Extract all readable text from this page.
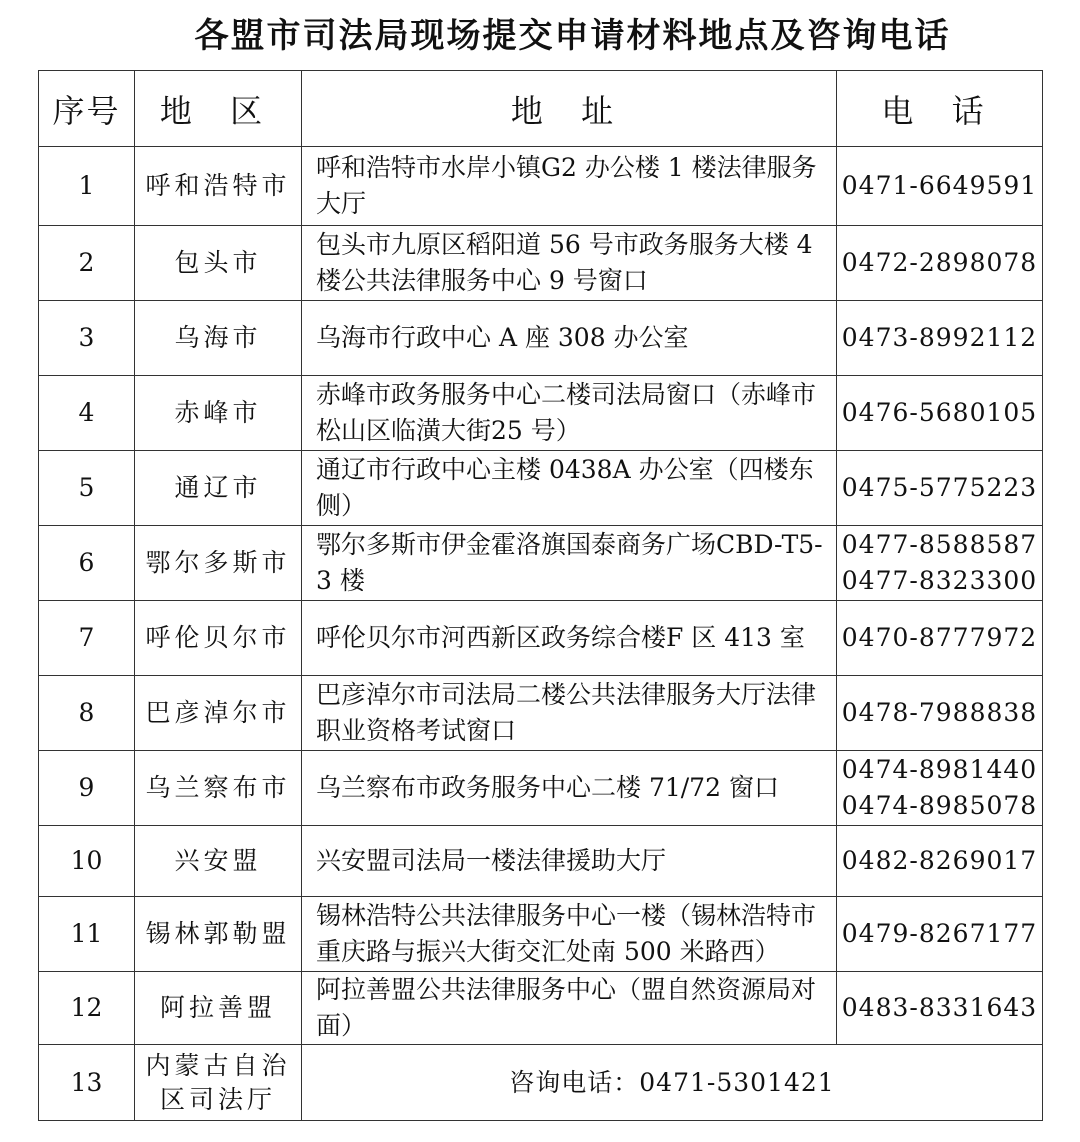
各盟市司法局现场提交申请材料地点及咨询电话
序号	地 区	地 址	电 话
1	呼和浩特市	呼和浩特市水岸小镇G2 办公楼 1 楼法律服务大厅	0471-6649591

2	包头市	包头市九原区稻阳道 56 号市政务服务大楼 4 楼公共法律服务中心 9 号窗口	0472-2898078

3	乌海市	乌海市行政中心 A 座 308 办公室	0473-8992112

4	赤峰市	赤峰市政务服务中心二楼司法局窗口（赤峰市松山区临潢大街25 号）	0476-5680105

5	通辽市	通辽市行政中心主楼 0438A 办公室（四楼东侧）	0475-5775223

6	鄂尔多斯市	鄂尔多斯市伊金霍洛旗国泰商务广场CBD-T5-3 楼	0477-8588587
0477-8323300

7	呼伦贝尔市	呼伦贝尔市河西新区政务综合楼F 区 413 室	0470-8777972

8	巴彦淖尔市	巴彦淖尔市司法局二楼公共法律服务大厅法律职业资格考试窗口	0478-7988838

9	乌兰察布市	乌兰察布市政务服务中心二楼 71/72 窗口	0474-8981440
0474-8985078

10	兴安盟	兴安盟司法局一楼法律援助大厅	0482-8269017

11	锡林郭勒盟	锡林浩特公共法律服务中心一楼（锡林浩特市重庆路与振兴大街交汇处南 500 米路西）	0479-8267177

12	阿拉善盟	阿拉善盟公共法律服务中心（盟自然资源局对面）	0483-8331643

13	内蒙古自治区司法厅	咨询电话：0471-5301421	
